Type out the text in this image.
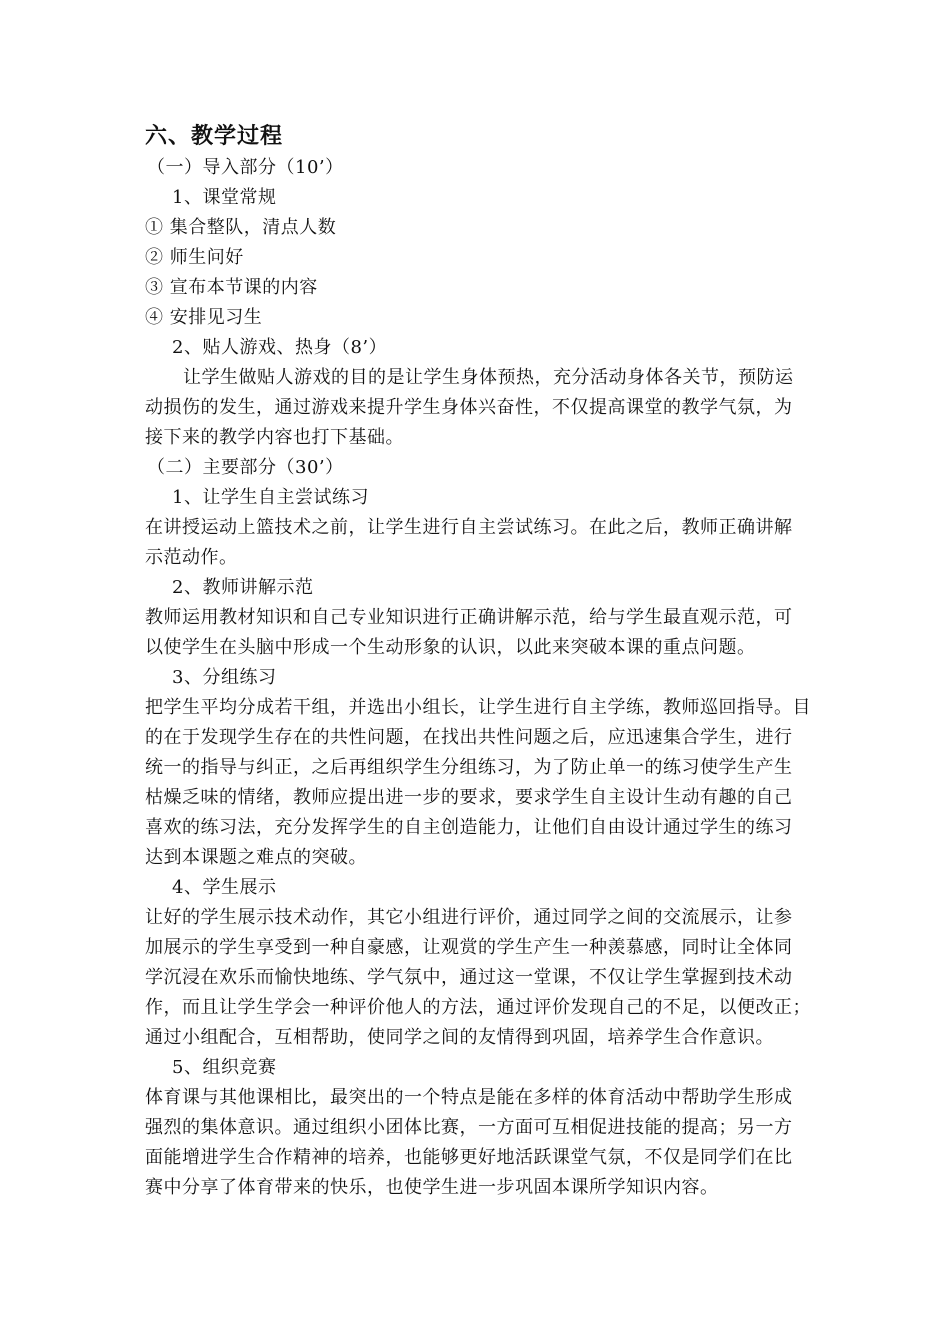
六、教学过程
（一）导入部分（10’）
1、课堂常规
① 集合整队，清点人数
② 师生问好
③ 宣布本节课的内容
④ 安排见习生
2、贴人游戏、热身（8’）
让学生做贴人游戏的目的是让学生身体预热，充分活动身体各关节，预防运
动损伤的发生，通过游戏来提升学生身体兴奋性，不仅提高课堂的教学气氛，为
接下来的教学内容也打下基础。
（二）主要部分（30’）
1、让学生自主尝试练习
在讲授运动上篮技术之前，让学生进行自主尝试练习。在此之后，教师正确讲解
示范动作。
2、教师讲解示范
教师运用教材知识和自己专业知识进行正确讲解示范，给与学生最直观示范，可
以使学生在头脑中形成一个生动形象的认识，以此来突破本课的重点问题。
3、分组练习
把学生平均分成若干组，并选出小组长，让学生进行自主学练，教师巡回指导。目
的在于发现学生存在的共性问题，在找出共性问题之后，应迅速集合学生，进行
统一的指导与纠正，之后再组织学生分组练习，为了防止单一的练习使学生产生
枯燥乏味的情绪，教师应提出进一步的要求，要求学生自主设计生动有趣的自己
喜欢的练习法，充分发挥学生的自主创造能力，让他们自由设计通过学生的练习
达到本课题之难点的突破。
4、学生展示
让好的学生展示技术动作，其它小组进行评价，通过同学之间的交流展示，让参
加展示的学生享受到一种自豪感，让观赏的学生产生一种羡慕感，同时让全体同
学沉浸在欢乐而愉快地练、学气氛中，通过这一堂课，不仅让学生掌握到技术动
作，而且让学生学会一种评价他人的方法，通过评价发现自己的不足，以便改正；
通过小组配合，互相帮助，使同学之间的友情得到巩固，培养学生合作意识。
5、组织竞赛
体育课与其他课相比，最突出的一个特点是能在多样的体育活动中帮助学生形成
强烈的集体意识。通过组织小团体比赛，一方面可互相促进技能的提高；另一方
面能增进学生合作精神的培养，也能够更好地活跃课堂气氛，不仅是同学们在比
赛中分享了体育带来的快乐，也使学生进一步巩固本课所学知识内容。
